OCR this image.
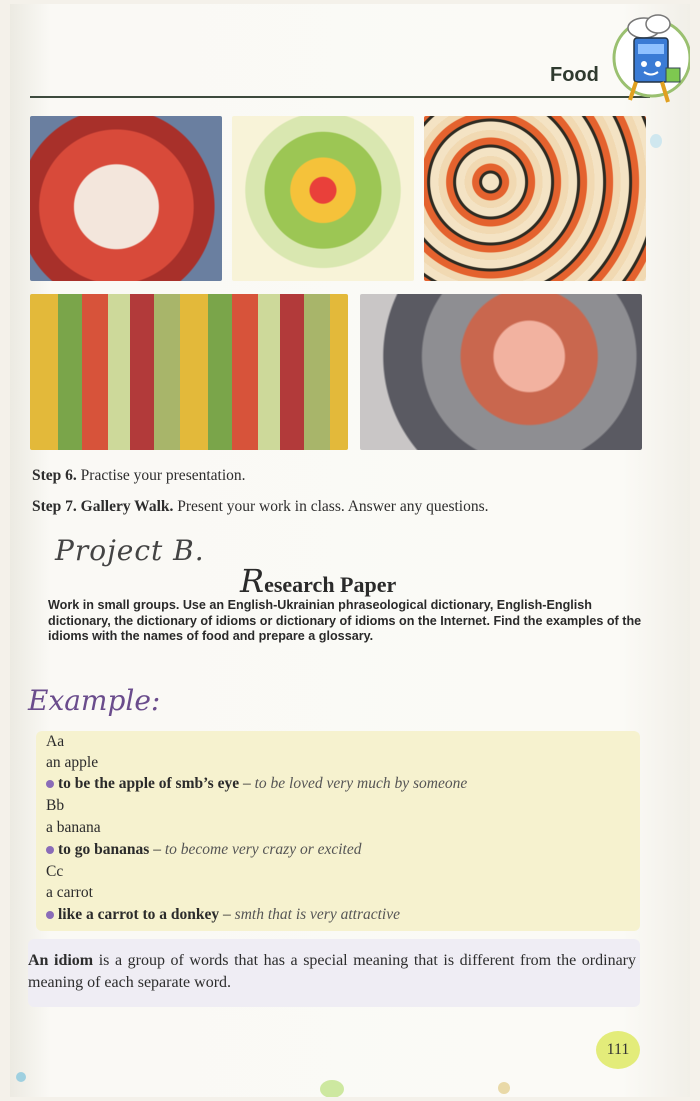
Food
Step 6. Practise your presentation.
Step 7. Gallery Walk. Present your work in class. Answer any questions.
Project B.
Research Paper
Work in small groups. Use an English-Ukrainian phraseological dictionary, English-English dictionary, the dictionary of idioms or dictionary of idioms on the Internet. Find the examples of the idioms with the names of food and prepare a glossary.
Example:
Aa
an apple
to be the apple of smb’s eye – to be loved very much by someone
Bb
a banana
to go bananas – to become very crazy or excited
Cc
a carrot
like a carrot to a donkey – smth that is very attractive
An idiom is a group of words that has a special meaning that is different from the ordinary meaning of each separate word.
111
